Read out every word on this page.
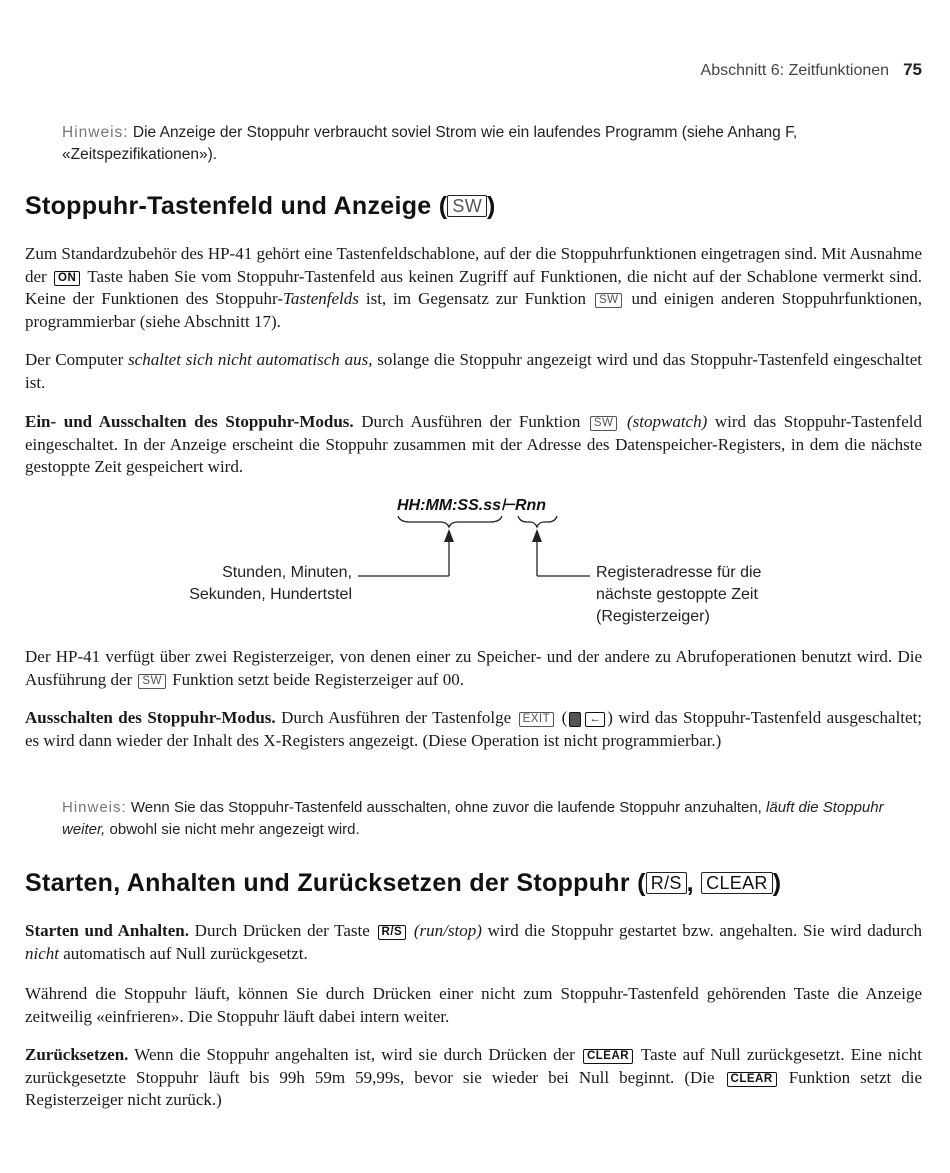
Abschnitt 6: Zeitfunktionen 75
Hinweis: Die Anzeige der Stoppuhr verbraucht soviel Strom wie ein laufendes Programm (siehe Anhang F, «Zeitspezifikationen»).
Stoppuhr-Tastenfeld und Anzeige ( SW )
Zum Standardzubehör des HP-41 gehört eine Tastenfeldschablone, auf der die Stoppuhrfunktionen eingetragen sind. Mit Ausnahme der ON Taste haben Sie vom Stoppuhr-Tastenfeld aus keinen Zugriff auf Funktionen, die nicht auf der Schablone vermerkt sind. Keine der Funktionen des Stoppuhr-Tastenfelds ist, im Gegensatz zur Funktion SW und einigen anderen Stoppuhrfunktionen, programmierbar (siehe Abschnitt 17).
Der Computer schaltet sich nicht automatisch aus, solange die Stoppuhr angezeigt wird und das Stoppuhr-Tastenfeld eingeschaltet ist.
Ein- und Ausschalten des Stoppuhr-Modus. Durch Ausführen der Funktion SW (stopwatch) wird das Stoppuhr-Tastenfeld eingeschaltet. In der Anzeige erscheint die Stoppuhr zusammen mit der Adresse des Datenspeicher-Registers, in dem die nächste gestoppte Zeit gespeichert wird.
HH:MM:SS.ss⊢Rnn
Stunden, Minuten,
Sekunden, Hundertstel
Registeradresse für die
nächste gestoppte Zeit
(Registerzeiger)
Der HP-41 verfügt über zwei Registerzeiger, von denen einer zu Speicher- und der andere zu Abrufoperationen benutzt wird. Die Ausführung der SW Funktion setzt beide Registerzeiger auf 00.
Ausschalten des Stoppuhr-Modus. Durch Ausführen der Tastenfolge EXIT ( ← ) wird das Stoppuhr-Tastenfeld ausgeschaltet; es wird dann wieder der Inhalt des X-Registers angezeigt. (Diese Operation ist nicht programmierbar.)
Hinweis: Wenn Sie das Stoppuhr-Tastenfeld ausschalten, ohne zuvor die laufende Stoppuhr anzuhalten, läuft die Stoppuhr weiter, obwohl sie nicht mehr angezeigt wird.
Starten, Anhalten und Zurücksetzen der Stoppuhr ( R/S , CLEAR )
Starten und Anhalten. Durch Drücken der Taste R/S (run/stop) wird die Stoppuhr gestartet bzw. angehalten. Sie wird dadurch nicht automatisch auf Null zurückgesetzt.
Während die Stoppuhr läuft, können Sie durch Drücken einer nicht zum Stoppuhr-Tastenfeld gehörenden Taste die Anzeige zeitweilig «einfrieren». Die Stoppuhr läuft dabei intern weiter.
Zurücksetzen. Wenn die Stoppuhr angehalten ist, wird sie durch Drücken der CLEAR Taste auf Null zurückgesetzt. Eine nicht zurückgesetzte Stoppuhr läuft bis 99h 59m 59,99s, bevor sie wieder bei Null beginnt. (Die CLEAR Funktion setzt die Registerzeiger nicht zurück.)
